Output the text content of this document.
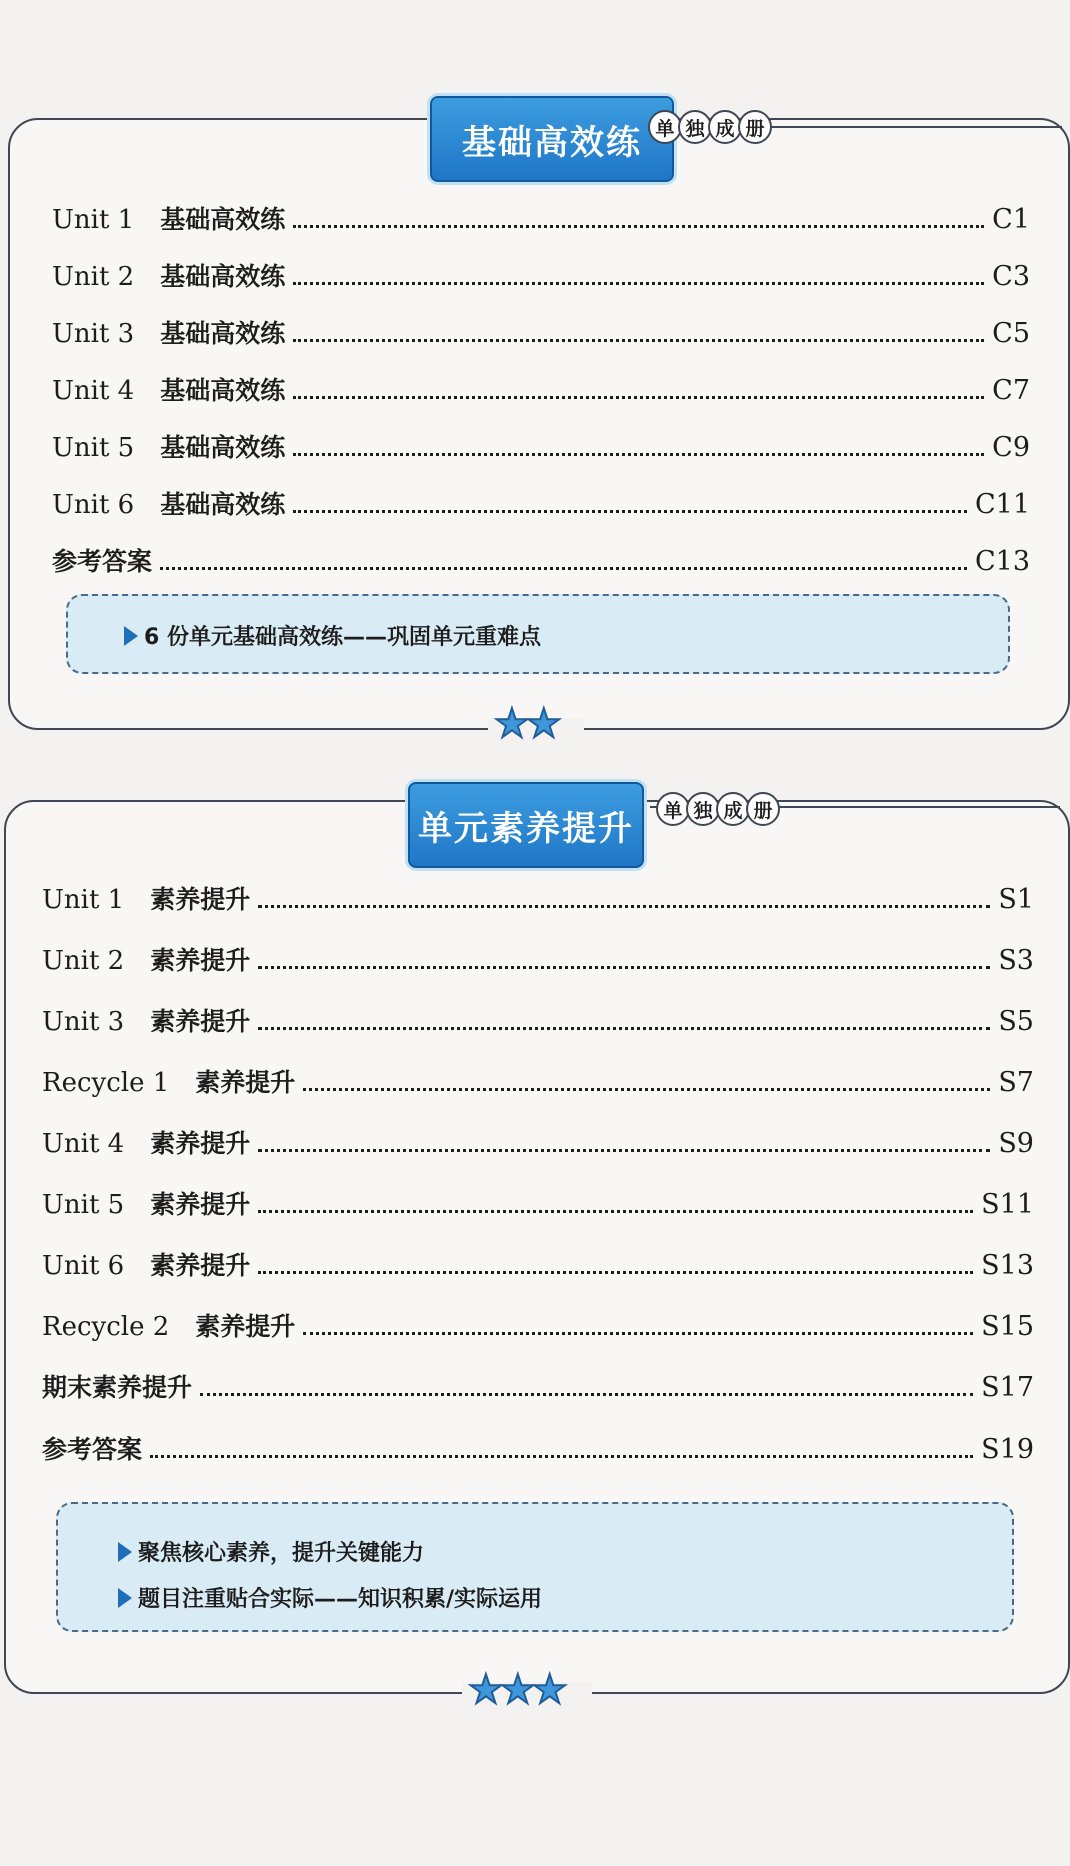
基础高效练 单 独 成 册
Unit 1 基础高效练	C1
Unit 2 基础高效练	C3
Unit 3 基础高效练	C5
Unit 4 基础高效练	C7
Unit 5 基础高效练	C9
Unit 6 基础高效练	C11
参考答案	C13
6 份单元基础高效练——巩固单元重难点
★
★
单元素养提升	单 独 成 册
Unit 1 素养提升	S1
Unit 2 素养提升	S3
Unit 3 素养提升	S5
Recycle 1 素养提升	S7
Unit 4 素养提升	S9
Unit 5 素养提升	S11
Unit 6 素养提升	S13
Recycle 2 素养提升	S15
期末素养提升	S17
参考答案	S19
聚焦核心素养，提升关键能力
题目注重贴合实际——知识积累/实际运用
★
★
★
